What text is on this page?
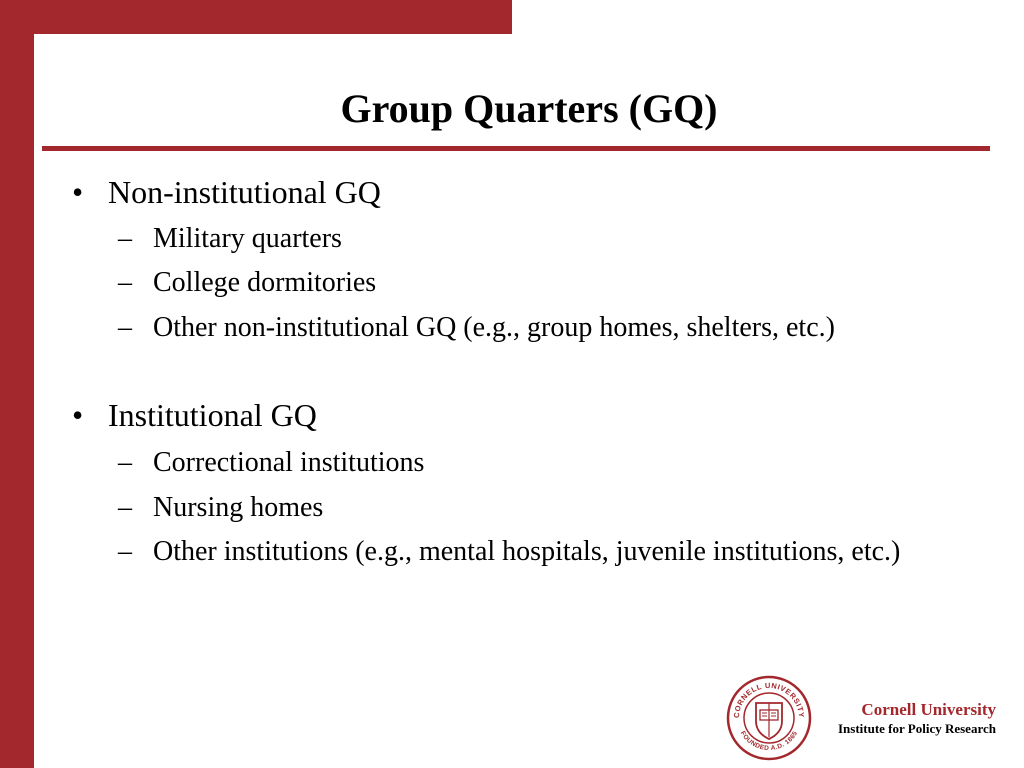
Group Quarters (GQ)
• Non-institutional GQ
– Military quarters
– College dormitories
– Other non-institutional GQ (e.g., group homes, shelters, etc.)
• Institutional GQ
– Correctional institutions
– Nursing homes
– Other institutions (e.g., mental hospitals, juvenile institutions, etc.)
CORNELL UNIVERSITY
FOUNDED A.D. 1865
Cornell University
Institute for Policy Research
